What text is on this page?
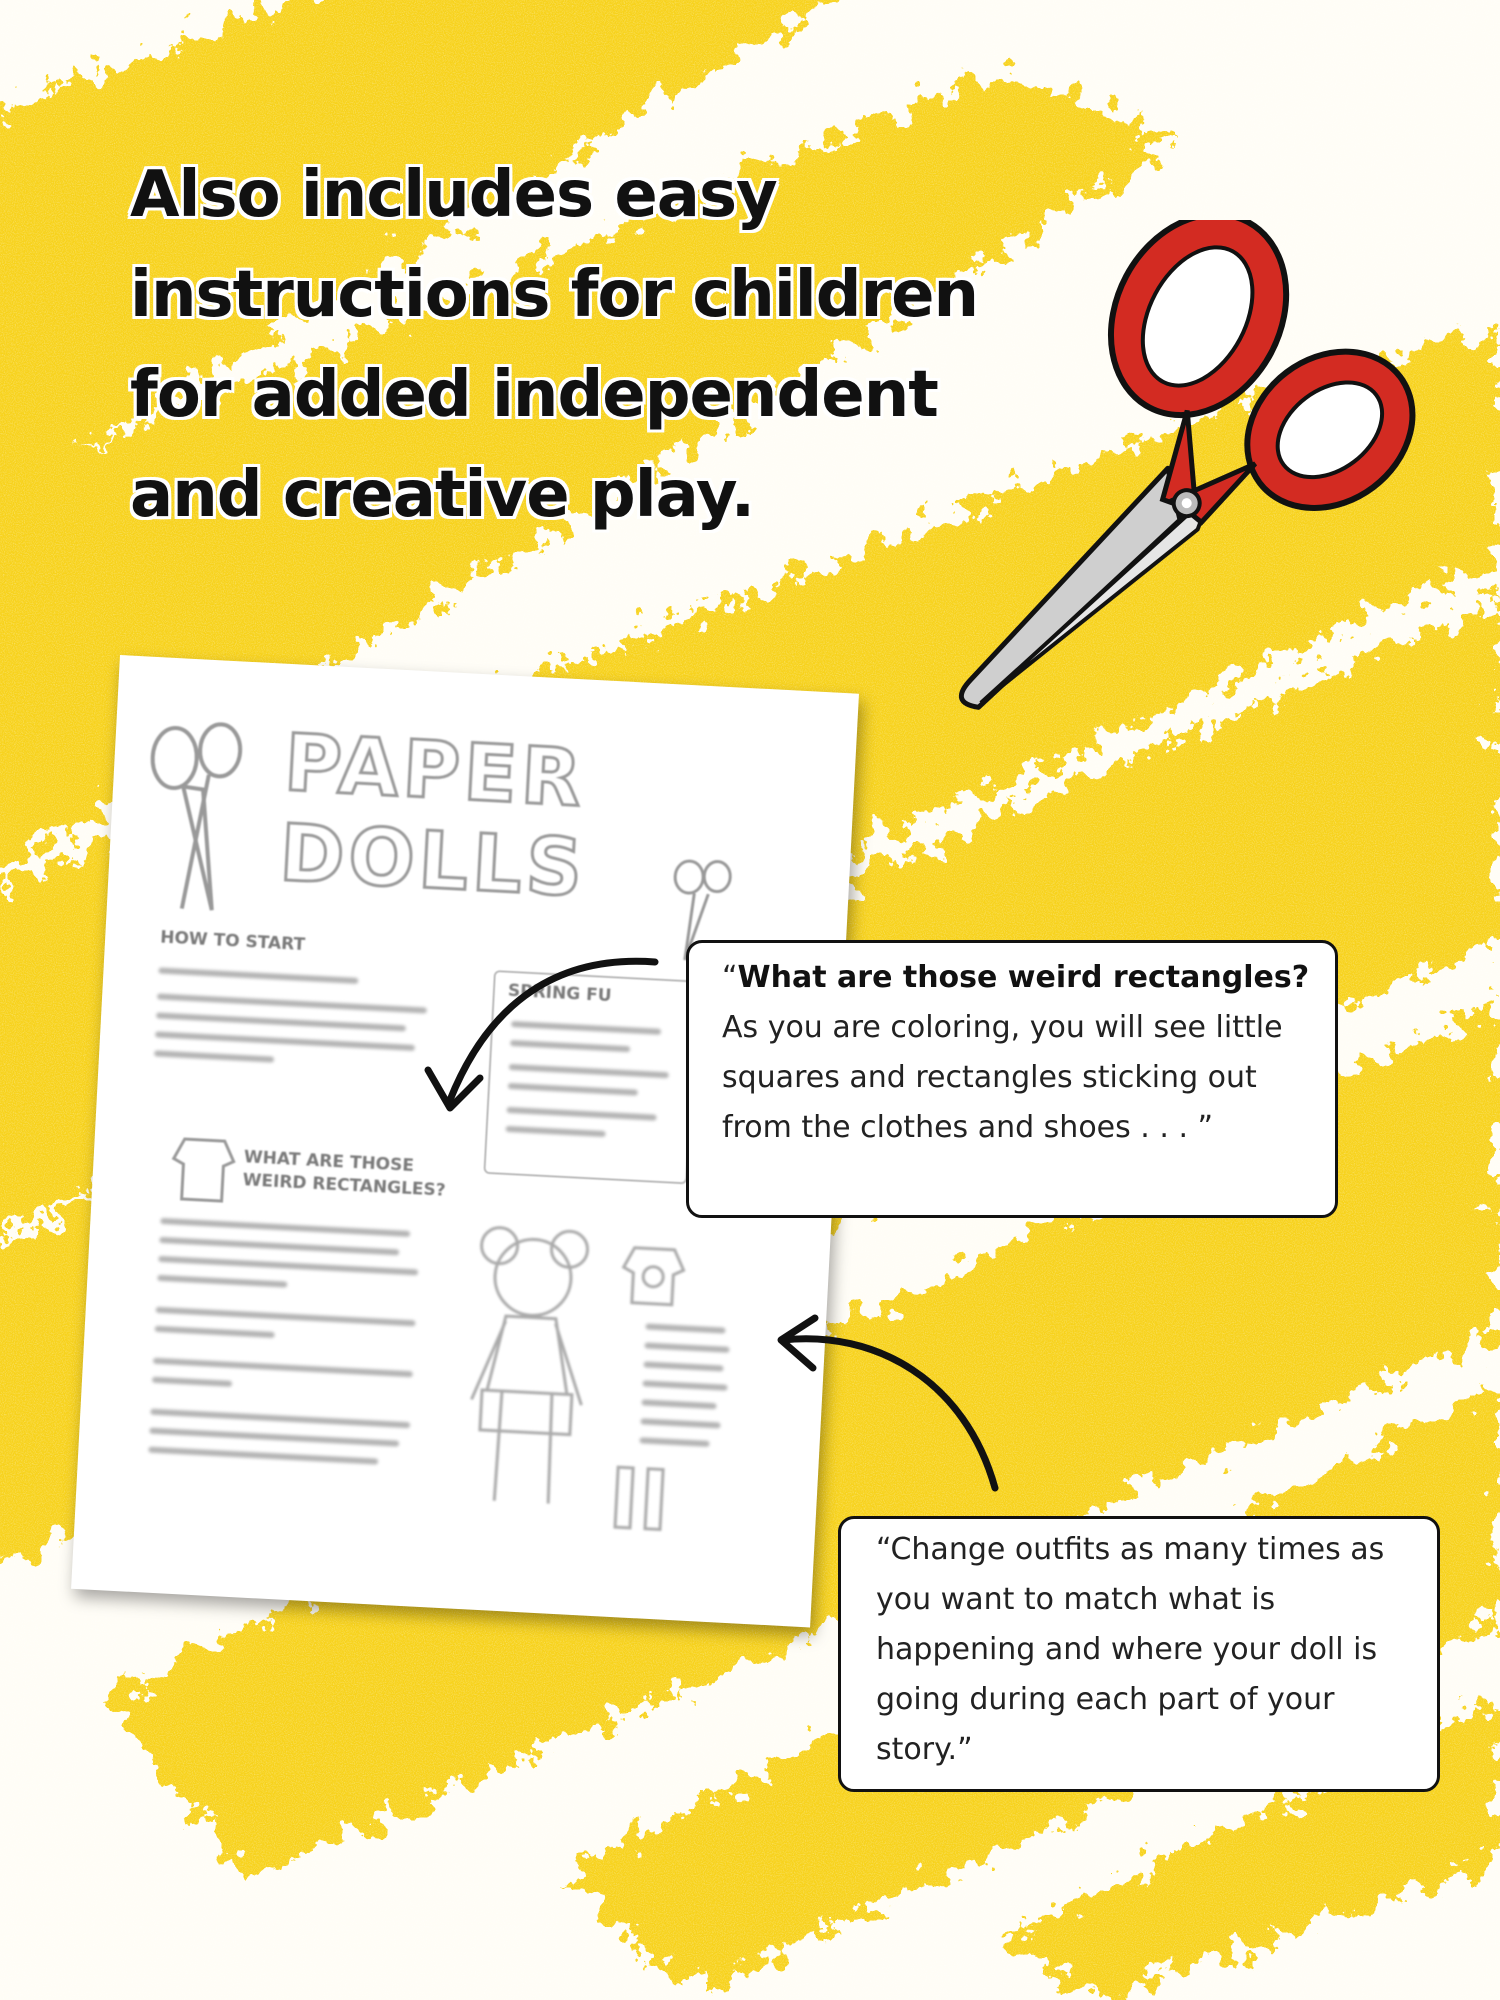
Also includes easy
instructions for children
for added independent
and creative play.
PAPER
DOLLS
HOW TO START
SPRING FU
WHAT ARE THOSE
WEIRD RECTANGLES?
“What are those weird rectangles?
As you are coloring, you will see little squares and rectangles sticking out from the clothes and shoes . . . ”
“Change outfits as many times as you want to match what is happening and where your doll is going during each part of your story.”
